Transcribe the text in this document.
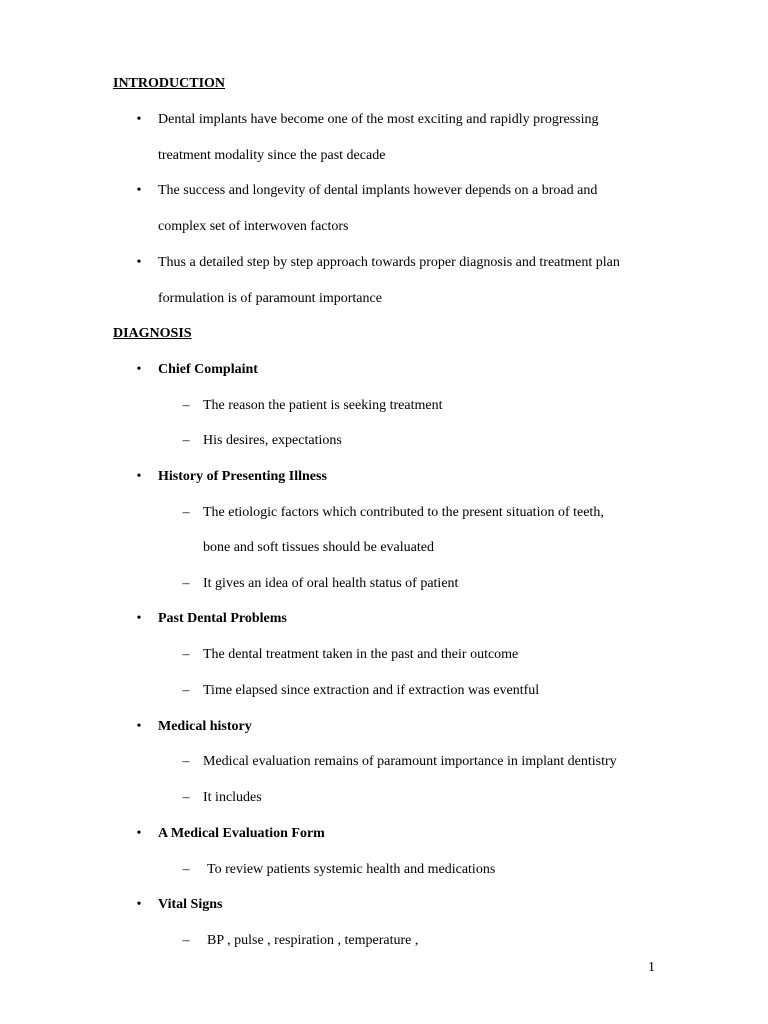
INTRODUCTION
• Dental implants have become one of the most exciting and rapidly progressing
treatment modality since the past decade
• The success and longevity of dental implants however depends on a broad and
complex set of interwoven factors
• Thus a detailed step by step approach towards proper diagnosis and treatment plan
formulation is of paramount importance
DIAGNOSIS
• Chief Complaint
– The reason the patient is seeking treatment
– His desires, expectations
• History of Presenting Illness
– The etiologic factors which contributed to the present situation of teeth,
bone and soft tissues should be evaluated
– It gives an idea of oral health status of patient
• Past Dental Problems
– The dental treatment taken in the past and their outcome
– Time elapsed since extraction and if extraction was eventful
• Medical history
– Medical evaluation remains of paramount importance in implant dentistry
– It includes
• A Medical Evaluation Form
– To review patients systemic health and medications
• Vital Signs
– BP , pulse , respiration , temperature ,
1
